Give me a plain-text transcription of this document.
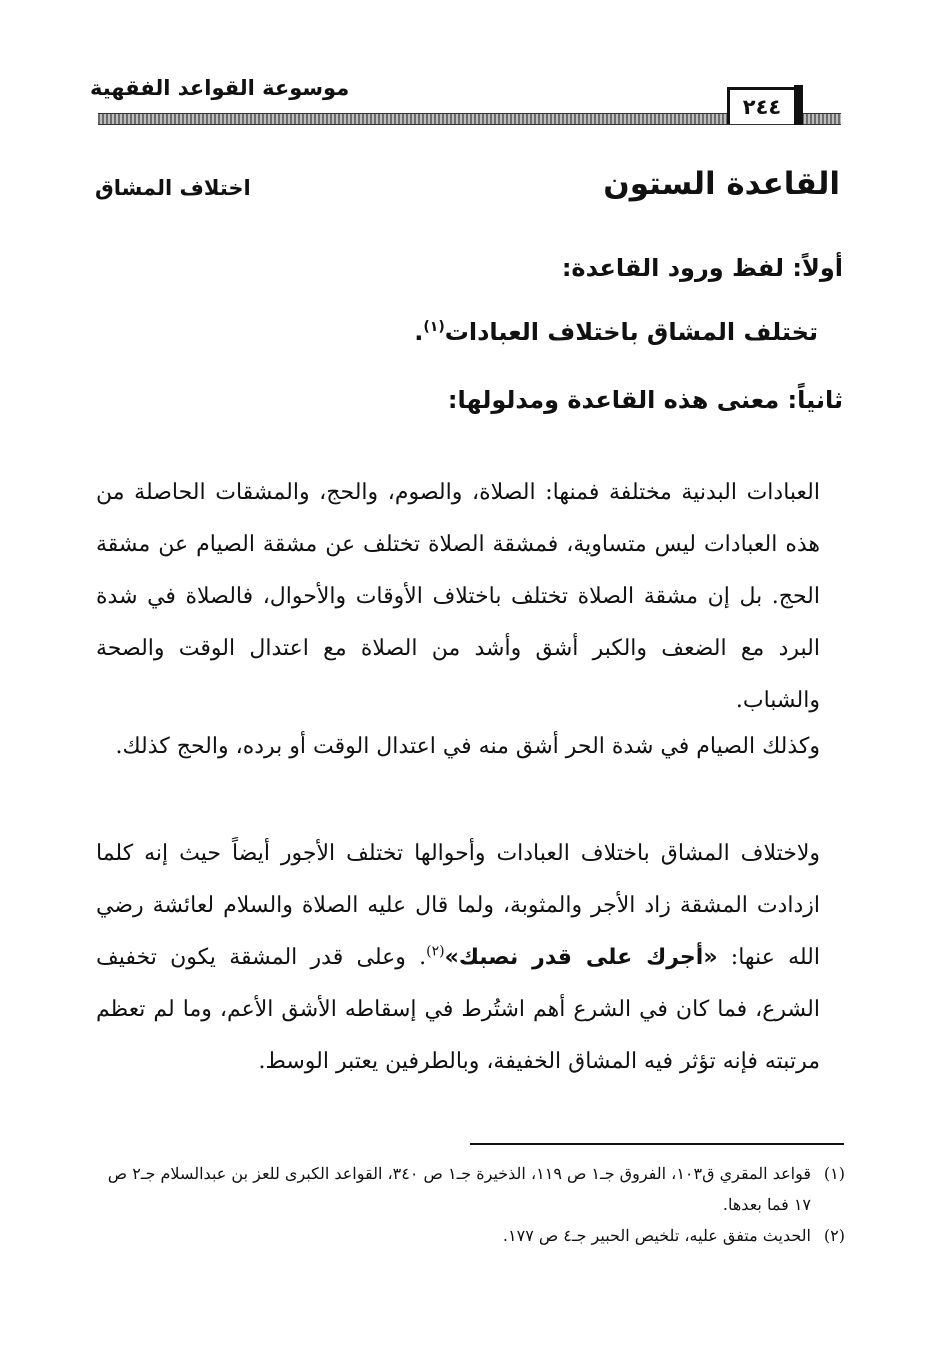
موسوعة القواعد الفقهية
٢٤٤
القاعدة الستون
اختلاف المشاق
أولاً: لفظ ورود القاعدة:
تختلف المشاق باختلاف العبادات$^{(١)}$.
ثانياً: معنى هذه القاعدة ومدلولها:

العبادات البدنية مختلفة فمنها: الصلاة، والصوم، والحج، والمشقات الحاصلة من هذه العبادات ليس متساوية، فمشقة الصلاة تختلف عن مشقة الصيام عن مشقة الحج. بل إن مشقة الصلاة تختلف باختلاف الأوقات والأحوال، فالصلاة في شدة البرد مع الضعف والكبر أشق وأشد من الصلاة مع اعتدال الوقت والصحة والشباب.

وكذلك الصيام في شدة الحر أشق منه في اعتدال الوقت أو برده، والحج كذلك.

ولاختلاف المشاق باختلاف العبادات وأحوالها تختلف الأجور أيضاً حيث إنه كلما ازدادت المشقة زاد الأجر والمثوبة، ولما قال عليه الصلاة والسلام لعائشة رضي الله عنها: «أجرك على قدر نصبك»$^{(٢)}$. وعلى قدر المشقة يكون تخفيف الشرع، فما كان في الشرع أهم اشتُرط في إسقاطه الأشق الأعم، وما لم تعظم مرتبته فإنه تؤثر فيه المشاق الخفيفة، وبالطرفين يعتبر الوسط.

(١)
قواعد المقري ق١٠٣، الفروق جـ١ ص ١١٩، الذخيرة جـ١ ص ٣٤٠، القواعد الكبرى للعز بن عبدالسلام جـ٢ ص ١٧ فما بعدها.
(٢)
الحديث متفق عليه، تلخيص الحبير جـ٤ ص ١٧٧.
